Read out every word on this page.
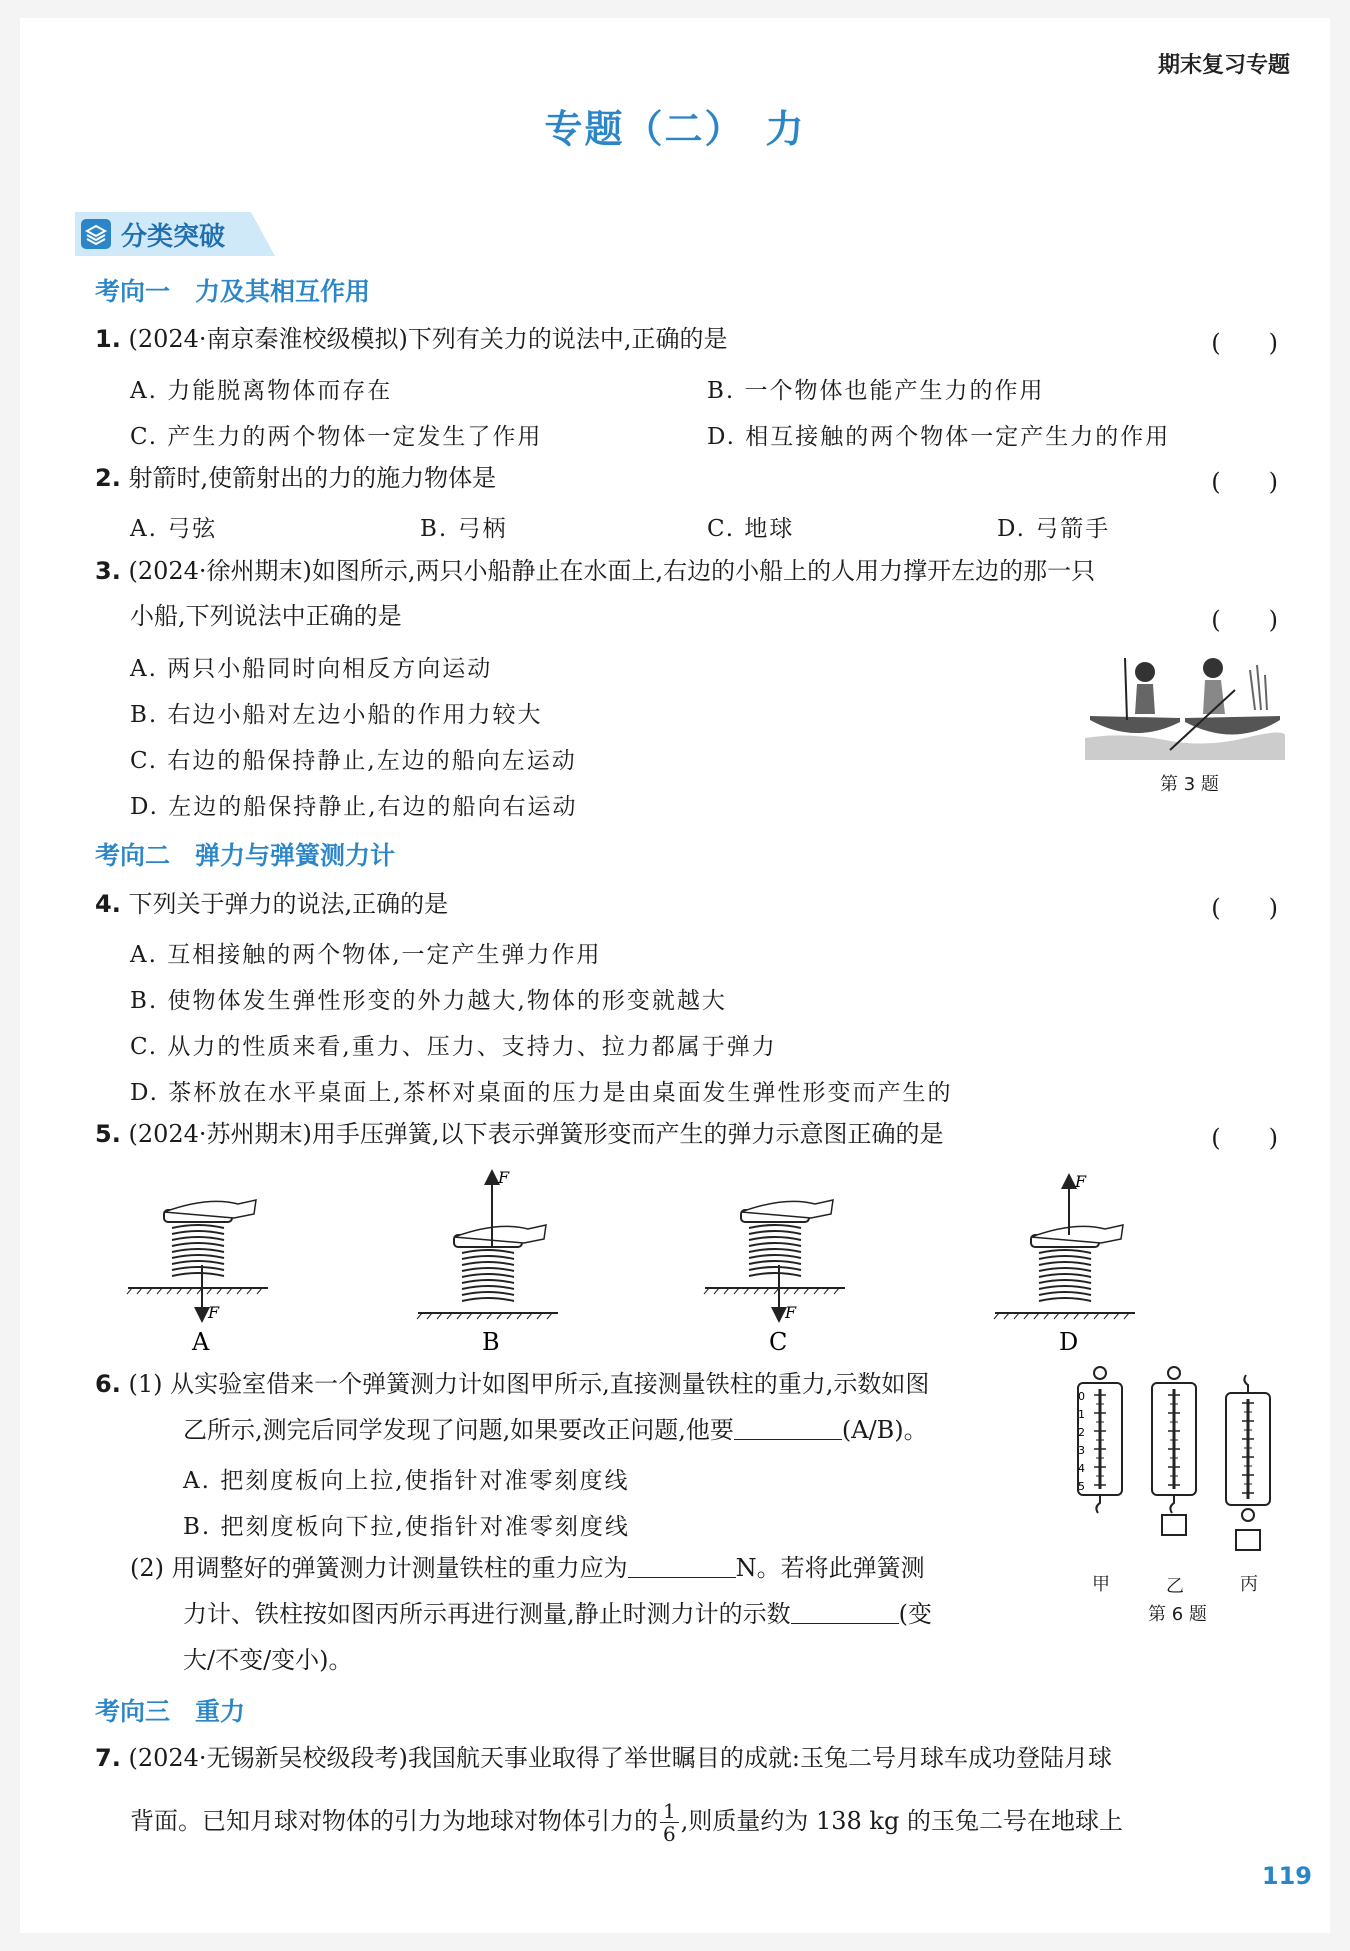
期末复习专题
专题（二）　力
分类突破
考向一　力及其相互作用
1. (2024·南京秦淮校级模拟)下列有关力的说法中,正确的是	(　　)
A. 力能脱离物体而存在	B. 一个物体也能产生力的作用
C. 产生力的两个物体一定发生了作用	D. 相互接触的两个物体一定产生力的作用
2. 射箭时,使箭射出的力的施力物体是	(　　)
A. 弓弦	B. 弓柄	C. 地球	D. 弓箭手
3. (2024·徐州期末)如图所示,两只小船静止在水面上,右边的小船上的人用力撑开左边的那一只
小船,下列说法中正确的是	(　　)
A. 两只小船同时向相反方向运动
B. 右边小船对左边小船的作用力较大
C. 右边的船保持静止,左边的船向左运动
D. 左边的船保持静止,右边的船向右运动
第 3 题
考向二　弹力与弹簧测力计
4. 下列关于弹力的说法,正确的是	(　　)
A. 互相接触的两个物体,一定产生弹力作用
B. 使物体发生弹性形变的外力越大,物体的形变就越大
C. 从力的性质来看,重力、压力、支持力、拉力都属于弹力
D. 茶杯放在水平桌面上,茶杯对桌面的压力是由桌面发生弹性形变而产生的
5. (2024·苏州期末)用手压弹簧,以下表示弹簧形变而产生的弹力示意图正确的是	(　　)
F
F
F
F
A	B	C	D
6. (1) 从实验室借来一个弹簧测力计如图甲所示,直接测量铁柱的重力,示数如图
乙所示,测完后同学发现了问题,如果要改正问题,他要	(A/B)。
A. 把刻度板向上拉,使指针对准零刻度线
B. 把刻度板向下拉,使指针对准零刻度线
(2) 用调整好的弹簧测力计测量铁柱的重力应为	N。若将此弹簧测
力计、铁柱按如图丙所示再进行测量,静止时测力计的示数	(变
大/不变/变小)。
0
1
2
3
4
5
甲	乙	丙
第 6 题
考向三　重力
7. (2024·无锡新吴校级段考)我国航天事业取得了举世瞩目的成就:玉兔二号月球车成功登陆月球
背面。已知月球对物体的引力为地球对物体引力的 $\frac{1}{6}$ ,则质量约为 138 kg 的玉兔二号在地球上
119
